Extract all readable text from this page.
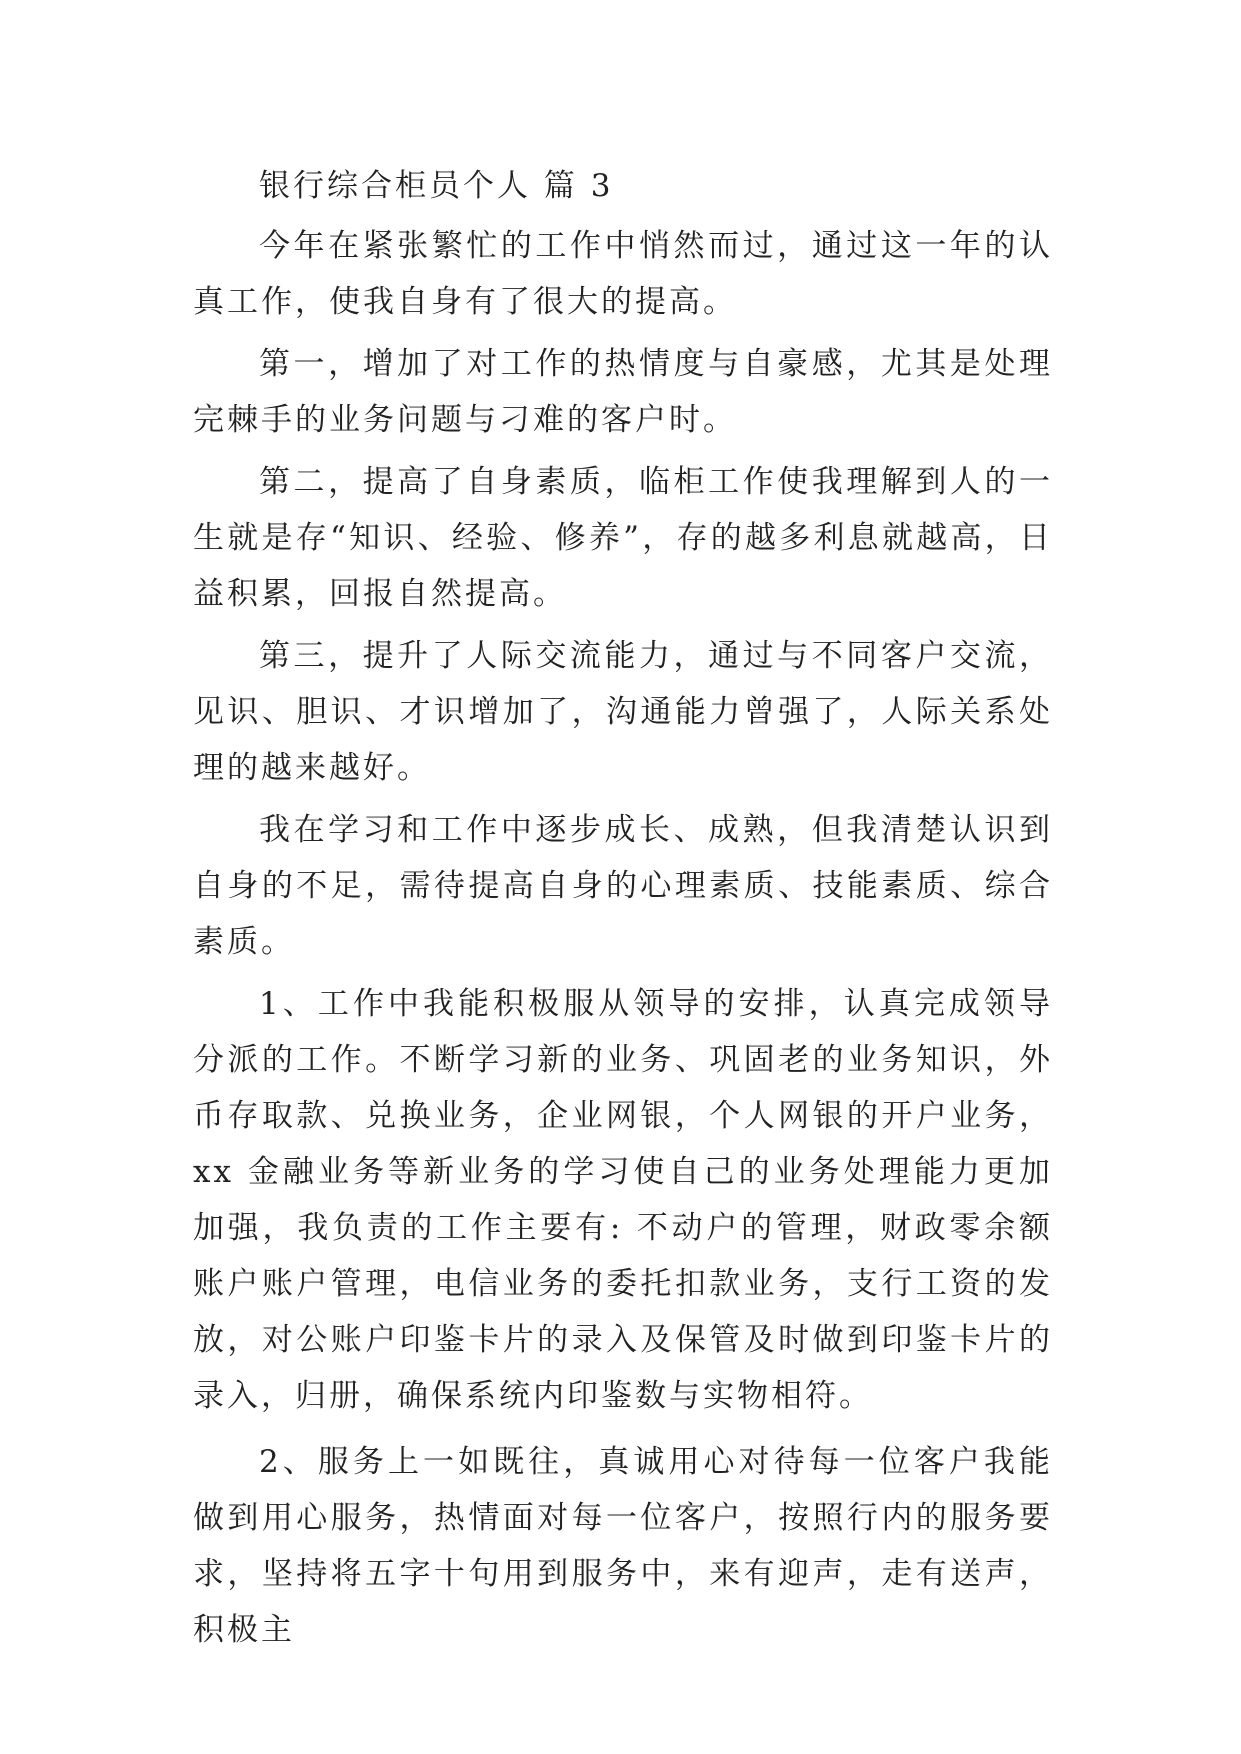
银行综合柜员个人 篇 3

今年在紧张繁忙的工作中悄然而过，通过这一年的认真工作，使我自身有了很大的提高。

第一，增加了对工作的热情度与自豪感，尤其是处理完棘手的业务问题与刁难的客户时。

第二，提高了自身素质，临柜工作使我理解到人的一生就是存“知识、经验、修养”，存的越多利息就越高，日益积累，回报自然提高。

第三，提升了人际交流能力，通过与不同客户交流，见识、胆识、才识增加了，沟通能力曾强了，人际关系处理的越来越好。

我在学习和工作中逐步成长、成熟，但我清楚认识到自身的不足，需待提高自身的心理素质、技能素质、综合素质。

1、工作中我能积极服从领导的安排，认真完成领导分派的工作。不断学习新的业务、巩固老的业务知识，外币存取款、兑换业务，企业网银，个人网银的开户业务，xx 金融业务等新业务的学习使自己的业务处理能力更加加强，我负责的工作主要有: 不动户的管理，财政零余额账户账户管理，电信业务的委托扣款业务，支行工资的发放，对公账户印鉴卡片的录入及保管及时做到印鉴卡片的录入，归册，确保系统内印鉴数与实物相符。

2、服务上一如既往，真诚用心对待每一位客户我能做到用心服务，热情面对每一位客户，按照行内的服务要求，坚持将五字十句用到服务中，来有迎声，走有送声，积极主
